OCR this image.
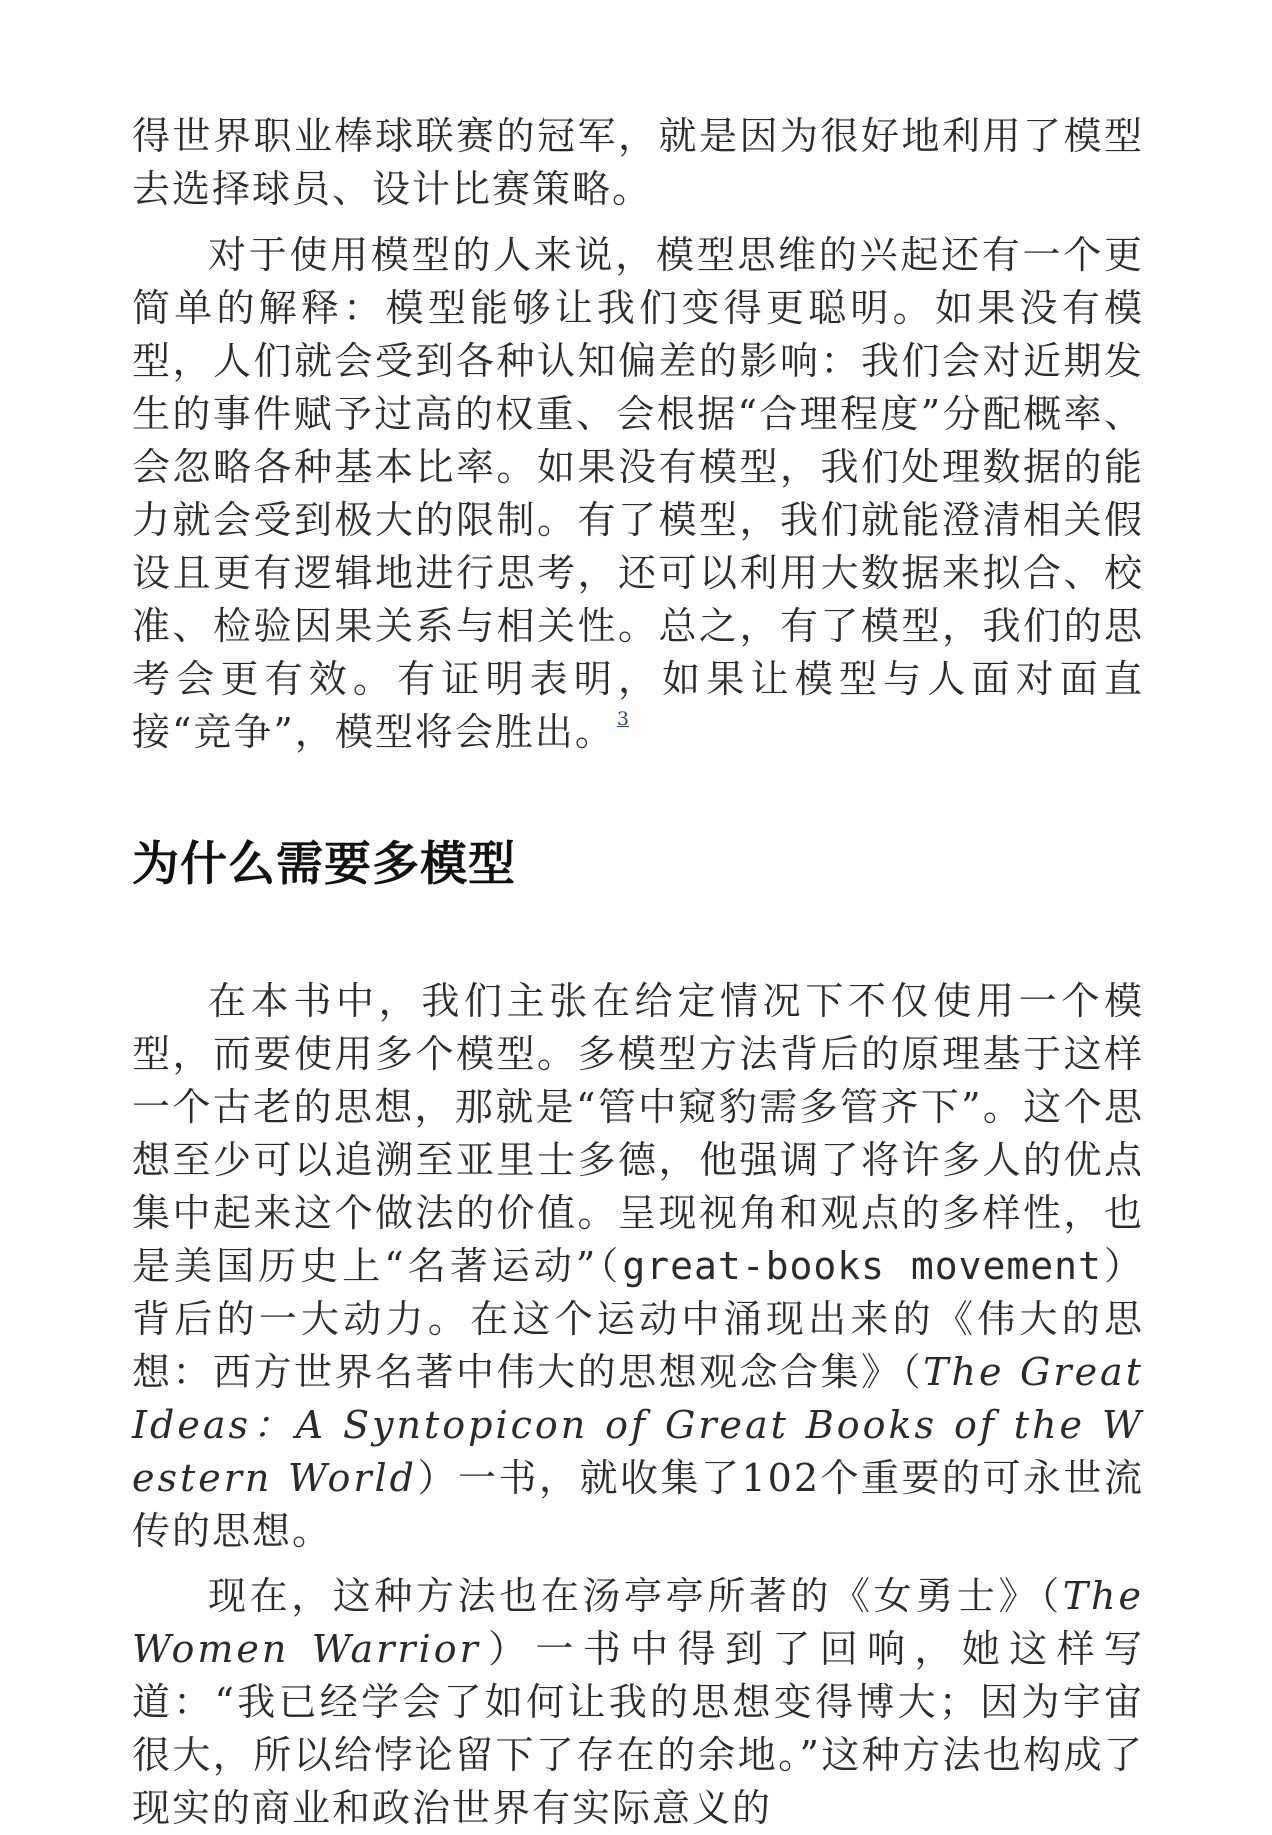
得世界职业棒球联赛的冠军，就是因为很好地利用了模型去选择球员、设计比赛策略。

对于使用模型的人来说，模型思维的兴起还有一个更简单的解释：模型能够让我们变得更聪明。如果没有模型，人们就会受到各种认知偏差的影响：我们会对近期发生的事件赋予过高的权重、会根据“合理程度”分配概率、会忽略各种基本比率。如果没有模型，我们处理数据的能力就会受到极大的限制。有了模型，我们就能澄清相关假设且更有逻辑地进行思考，还可以利用大数据来拟合、校准、检验因果关系与相关性。总之，有了模型，我们的思考会更有效。有证明表明，如果让模型与人面对面直接“竞争”，模型将会胜出。 $^3$

为什么需要多模型

在本书中，我们主张在给定情况下不仅使用一个模型，而要使用多个模型。多模型方法背后的原理基于这样一个古老的思想，那就是“管中窥豹需多管齐下”。这个思想至少可以追溯至亚里士多德，他强调了将许多人的优点集中起来这个做法的价值。呈现视角和观点的多样性，也是美国历史上“名著运动”（great-books movement）背后的一大动力。在这个运动中涌现出来的《伟大的思想：西方世界名著中伟大的思想观念合集》（The Great Ideas：A Syntopicon of Great Books of the Western World）一书，就收集了102个重要的可永世流传的思想。

现在，这种方法也在汤亭亭所著的《女勇士》（The Women Warrior）一书中得到了回响，她这样写道：“我已经学会了如何让我的思想变得博大；因为宇宙很大，所以给悖论留下了存在的余地。”这种方法也构成了现实的商业和政治世界有实际意义的
